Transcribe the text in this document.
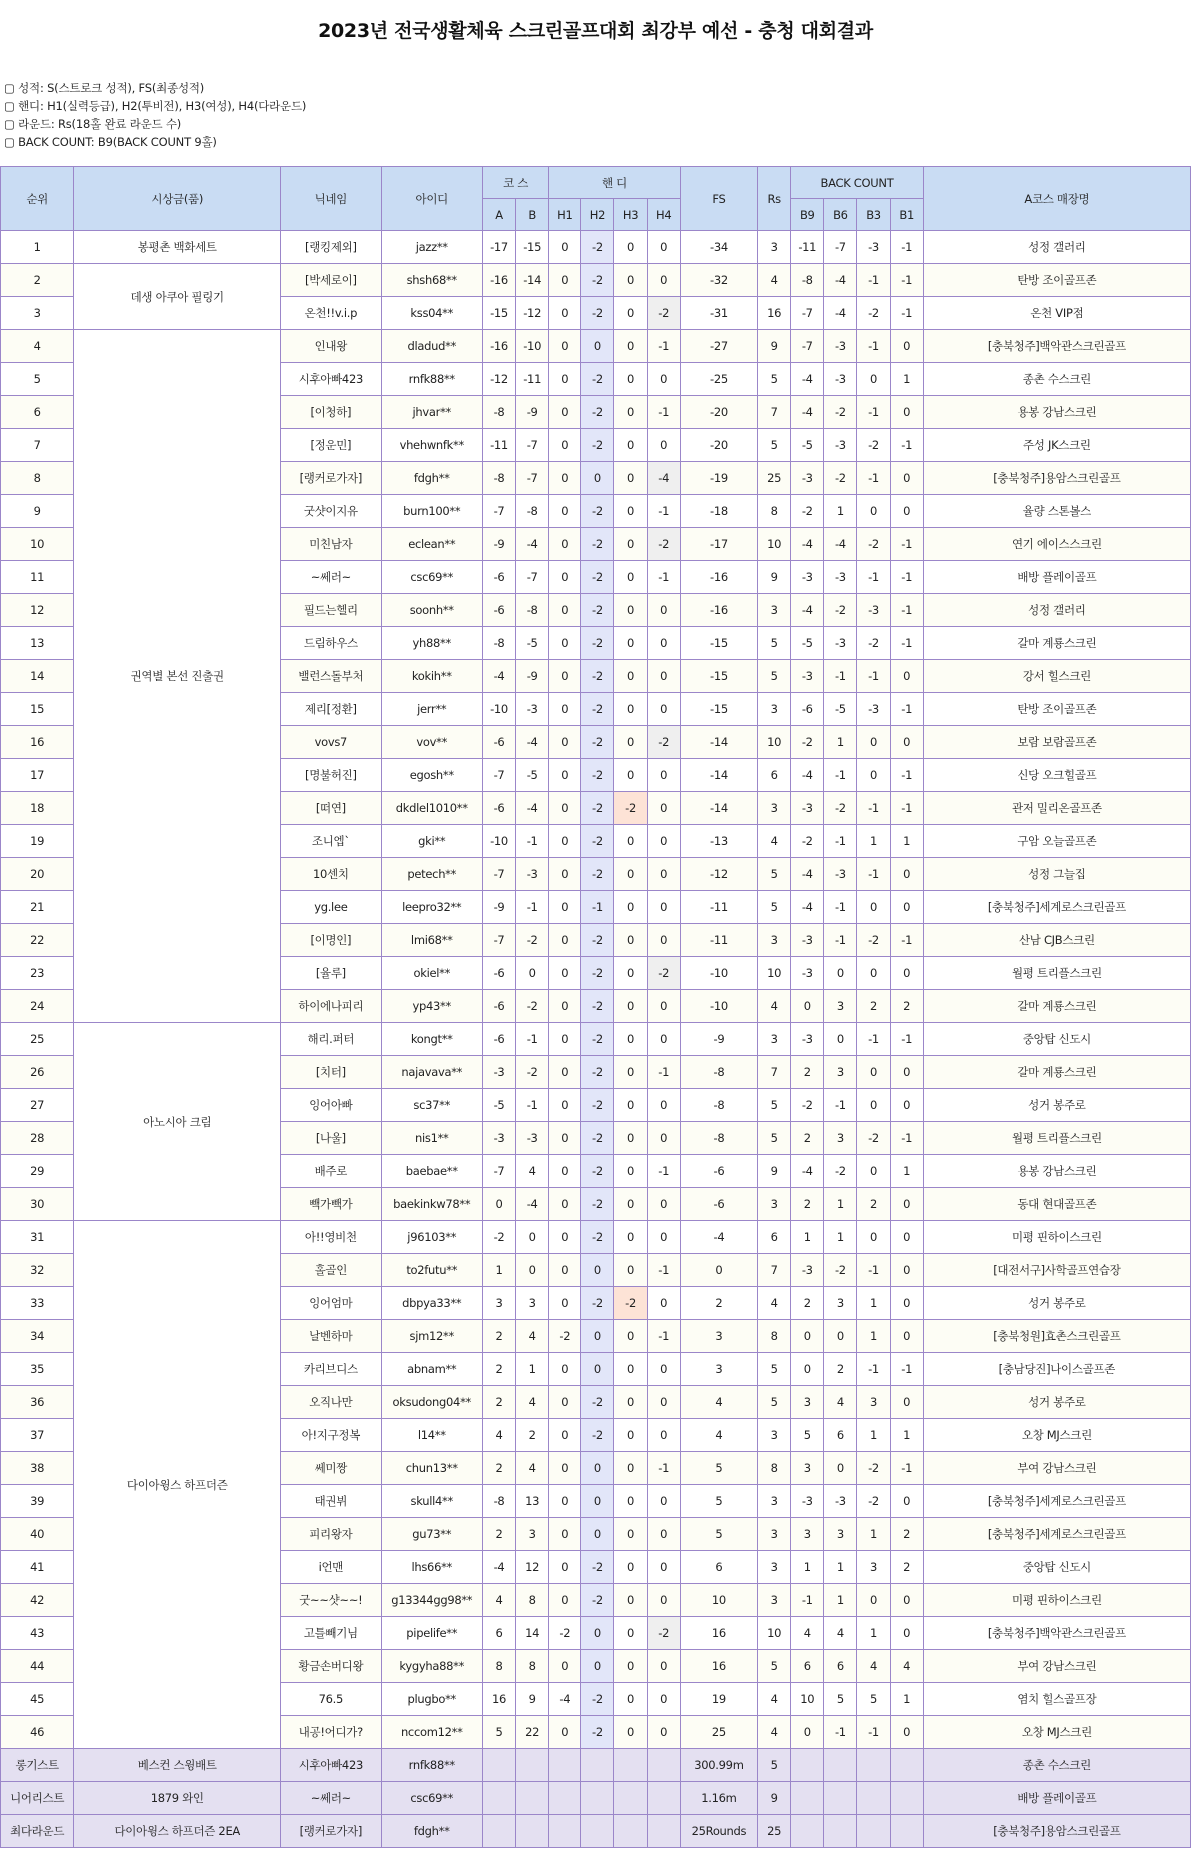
2023년 전국생활체육 스크린골프대회 최강부 예선 - 충청 대회결과
▢ 성적: S(스트로크 성적), FS(최종성적)
▢ 핸디: H1(실력등급), H2(투비전), H3(여성), H4(다라운드)
▢ 라운드: Rs(18홀 완료 라운드 수)
▢ BACK COUNT: B9(BACK COUNT 9홀)
순위	시상금(품)	닉네임	아이디	코 스		핸 디				FS	Rs	BACK COUNT				A코스 매장명
				A	B	H1	H2	H3	H4			B9	B6	B3	B1	
1	봉평촌 백화세트	[랭킹제외]	jazz**	-17	-15	0	-2	0	0	-34	3	-11	-7	-3	-1	성정 갤러리
2	데생 아쿠아 필링기	[박세로이]	shsh68**	-16	-14	0	-2	0	0	-32	4	-8	-4	-1	-1	탄방 조이골프존
3		온천!!v.i.p	kss04**	-15	-12	0	-2	0	-2	-31	16	-7	-4	-2	-1	온천 VIP점
4	권역별 본선 진출권	인내왕	dladud**	-16	-10	0	0	0	-1	-27	9	-7	-3	-1	0	[충북청주]백악관스크린골프
5		시후아빠423	rnfk88**	-12	-11	0	-2	0	0	-25	5	-4	-3	0	1	종촌 수스크린
6		[이청하]	jhvar**	-8	-9	0	-2	0	-1	-20	7	-4	-2	-1	0	용봉 강남스크린
7		[정운민]	vhehwnfk**	-11	-7	0	-2	0	0	-20	5	-5	-3	-2	-1	주성 JK스크린
8		[랭커로가자]	fdgh**	-8	-7	0	0	0	-4	-19	25	-3	-2	-1	0	[충북청주]용암스크린골프
9		굿샷이지유	burn100**	-7	-8	0	-2	0	-1	-18	8	-2	1	0	0	율량 스톤볼스
10		미친남자	eclean**	-9	-4	0	-2	0	-2	-17	10	-4	-4	-2	-1	연기 에이스스크린
11		~쎄러~	csc69**	-6	-7	0	-2	0	-1	-16	9	-3	-3	-1	-1	배방 플레이골프
12		필드는헬리	soonh**	-6	-8	0	-2	0	0	-16	3	-4	-2	-3	-1	성정 갤러리
13		드림하우스	yh88**	-8	-5	0	-2	0	0	-15	5	-5	-3	-2	-1	갈마 계룡스크린
14		밸런스돌부처	kokih**	-4	-9	0	-2	0	0	-15	5	-3	-1	-1	0	강서 힐스크린
15		제리[정환]	jerr**	-10	-3	0	-2	0	0	-15	3	-6	-5	-3	-1	탄방 조이골프존
16		vovs7	vov**	-6	-4	0	-2	0	-2	-14	10	-2	1	0	0	보람 보람골프존
17		[명불허진]	egosh**	-7	-5	0	-2	0	0	-14	6	-4	-1	0	-1	신당 오크힐골프
18		[떠연]	dkdlel1010**	-6	-4	0	-2	-2	0	-14	3	-3	-2	-1	-1	관저 밀리온골프존
19		조니엡`	gki**	-10	-1	0	-2	0	0	-13	4	-2	-1	1	1	구암 오늘골프존
20		10센치	petech**	-7	-3	0	-2	0	0	-12	5	-4	-3	-1	0	성정 그늘집
21		yg.lee	leepro32**	-9	-1	0	-1	0	0	-11	5	-4	-1	0	0	[충북청주]세계로스크린골프
22		[이명인]	lmi68**	-7	-2	0	-2	0	0	-11	3	-3	-1	-2	-1	산남 CJB스크린
23		[율루]	okiel**	-6	0	0	-2	0	-2	-10	10	-3	0	0	0	월평 트리플스크린
24		하이에나피리	yp43**	-6	-2	0	-2	0	0	-10	4	0	3	2	2	갈마 계룡스크린
25	아노시아 크림	해리.퍼터	kongt**	-6	-1	0	-2	0	0	-9	3	-3	0	-1	-1	중앙탑 신도시
26		[치터]	najavava**	-3	-2	0	-2	0	-1	-8	7	2	3	0	0	갈마 계룡스크린
27		잉어아빠	sc37**	-5	-1	0	-2	0	0	-8	5	-2	-1	0	0	성거 봉주로
28		[나울]	nis1**	-3	-3	0	-2	0	0	-8	5	2	3	-2	-1	월평 트리플스크린
29		배주로	baebae**	-7	4	0	-2	0	-1	-6	9	-4	-2	0	1	용봉 강남스크린
30		빽가빽가	baekinkw78**	0	-4	0	-2	0	0	-6	3	2	1	2	0	동대 현대골프존
31	다이아윙스 하프더즌	아!!영비천	j96103**	-2	0	0	-2	0	0	-4	6	1	1	0	0	미평 핀하이스크린
32		홀골인	to2futu**	1	0	0	0	0	-1	0	7	-3	-2	-1	0	[대전서구]사학골프연습장
33		잉어엄마	dbpya33**	3	3	0	-2	-2	0	2	4	2	3	1	0	성거 봉주로
34		날벤하마	sjm12**	2	4	-2	0	0	-1	3	8	0	0	1	0	[충북청원]효촌스크린골프
35		카리브디스	abnam**	2	1	0	0	0	0	3	5	0	2	-1	-1	[충남당진]나이스골프존
36		오직나만	oksudong04**	2	4	0	-2	0	0	4	5	3	4	3	0	성거 봉주로
37		아!지구정복	l14**	4	2	0	-2	0	0	4	3	5	6	1	1	오창 MJ스크린
38		쎄미짱	chun13**	2	4	0	0	0	-1	5	8	3	0	-2	-1	부여 강남스크린
39		태권뷔	skull4**	-8	13	0	0	0	0	5	3	-3	-3	-2	0	[충북청주]세계로스크린골프
40		피리왕자	gu73**	2	3	0	0	0	0	5	3	3	3	1	2	[충북청주]세계로스크린골프
41		i언맨	lhs66**	-4	12	0	-2	0	0	6	3	1	1	3	2	중앙탑 신도시
42		굿~~샷~~!	g13344gg98**	4	8	0	-2	0	0	10	3	-1	1	0	0	미평 핀하이스크린
43		고틀빼기님	pipelife**	6	14	-2	0	0	-2	16	10	4	4	1	0	[충북청주]백악관스크린골프
44		황금손버디왕	kygyha88**	8	8	0	0	0	0	16	5	6	6	4	4	부여 강남스크린
45		76.5	plugbo**	16	9	-4	-2	0	0	19	4	10	5	5	1	염치 힐스골프장
46		내공!어디가?	nccom12**	5	22	0	-2	0	0	25	4	0	-1	-1	0	오창 MJ스크린
롱기스트	베스컨 스윙배트	시후아빠423	rnfk88**							300.99m	5					종촌 수스크린
니어리스트	1879 와인	~쎄러~	csc69**							1.16m	9					배방 플레이골프
최다라운드	다이아윙스 하프더즌 2EA	[랭커로가자]	fdgh**							25Rounds	25					[충북청주]용암스크린골프
